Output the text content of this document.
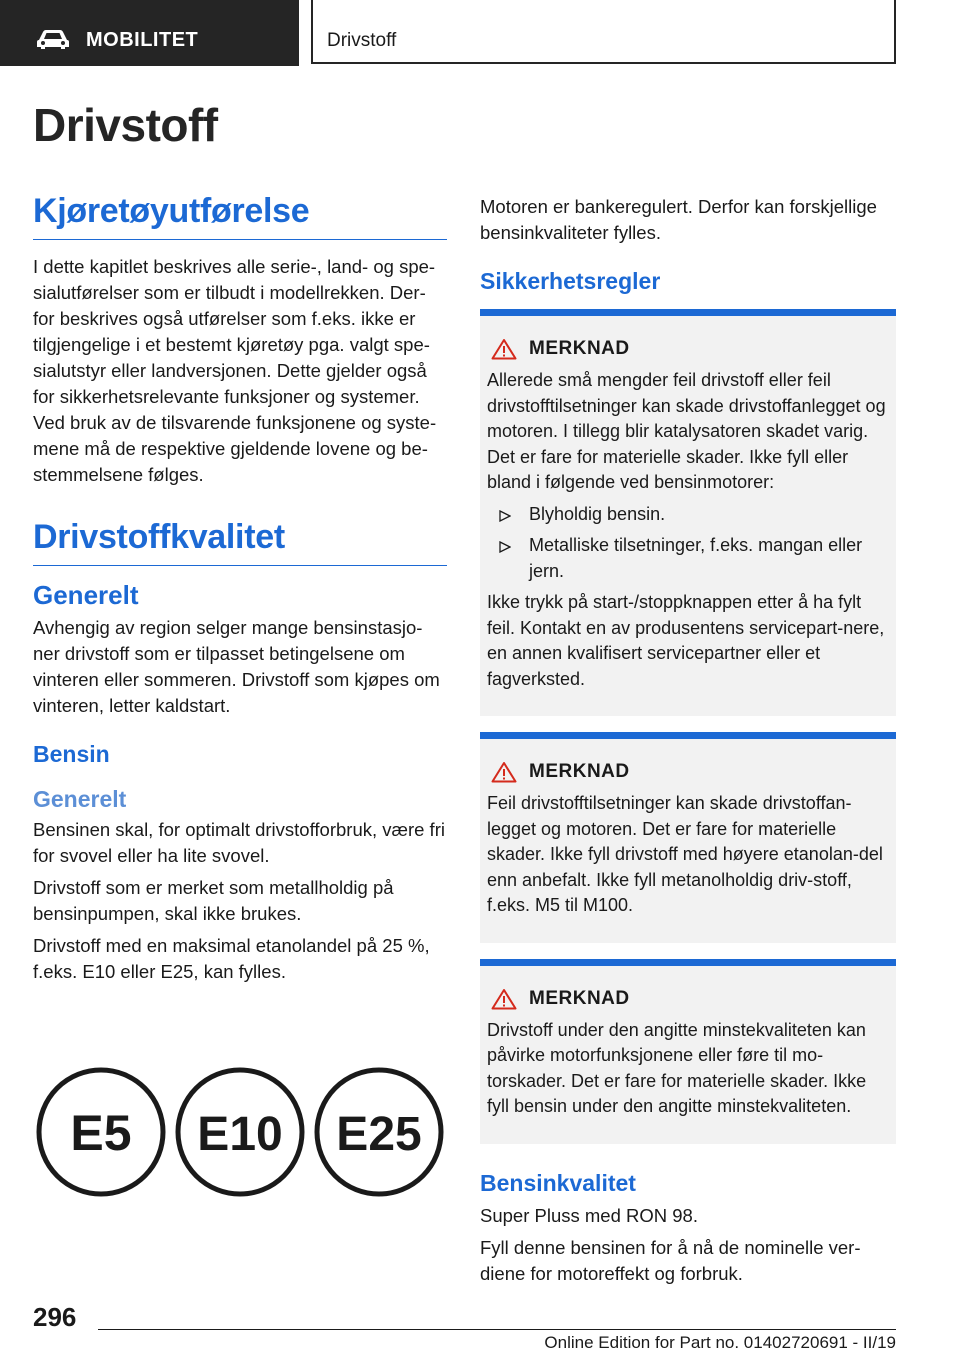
MOBILITET	Drivstoff
Drivstoff
Kjøretøyutførelse
I dette kapitlet beskrives alle serie-, land- og spe-sialutførelser som er tilbudt i modellrekken. Der-for beskrives også utførelser som f.eks. ikke er tilgjengelige i et bestemt kjøretøy pga. valgt spe-sialutstyr eller landversjonen. Dette gjelder også for sikkerhetsrelevante funksjoner og systemer. Ved bruk av de tilsvarende funksjonene og syste-mene må de respektive gjeldende lovene og be-stemmelsene følges.
Drivstoffkvalitet
Generelt
Avhengig av region selger mange bensinstasjo-ner drivstoff som er tilpasset betingelsene om vinteren eller sommeren. Drivstoff som kjøpes om vinteren, letter kaldstart.
Bensin
Generelt
Bensinen skal, for optimalt drivstofforbruk, være fri for svovel eller ha lite svovel.
Drivstoff som er merket som metallholdig på bensinpumpen, skal ikke brukes.
Drivstoff med en maksimal etanolandel på 25 %, f.eks. E10 eller E25, kan fylles.
E5 E10 E25
Motoren er bankeregulert. Derfor kan forskjellige bensinkvaliteter fylles.
Sikkerhetsregler
MERKNAD
Allerede små mengder feil drivstoff eller feil drivstofftilsetninger kan skade drivstoffanlegget og motoren. I tillegg blir katalysatoren skadet varig. Det er fare for materielle skader. Ikke fyll eller bland i følgende ved bensinmotorer:
Blyholdig bensin.
Metalliske tilsetninger, f.eks. mangan eller jern.
Ikke trykk på start-/stoppknappen etter å ha fylt feil. Kontakt en av produsentens servicepart-nere, en annen kvalifisert servicepartner eller et fagverksted.
MERKNAD
Feil drivstofftilsetninger kan skade drivstoffan-legget og motoren. Det er fare for materielle skader. Ikke fyll drivstoff med høyere etanolan-del enn anbefalt. Ikke fyll metanolholdig driv-stoff, f.eks. M5 til M100.
MERKNAD
Drivstoff under den angitte minstekvaliteten kan påvirke motorfunksjonene eller føre til mo-torskader. Det er fare for materielle skader. Ikke fyll bensin under den angitte minstekvaliteten.
Bensinkvalitet
Super Pluss med RON 98.
Fyll denne bensinen for å nå de nominelle ver-diene for motoreffekt og forbruk.
296
Online Edition for Part no. 01402720691 - II/19
